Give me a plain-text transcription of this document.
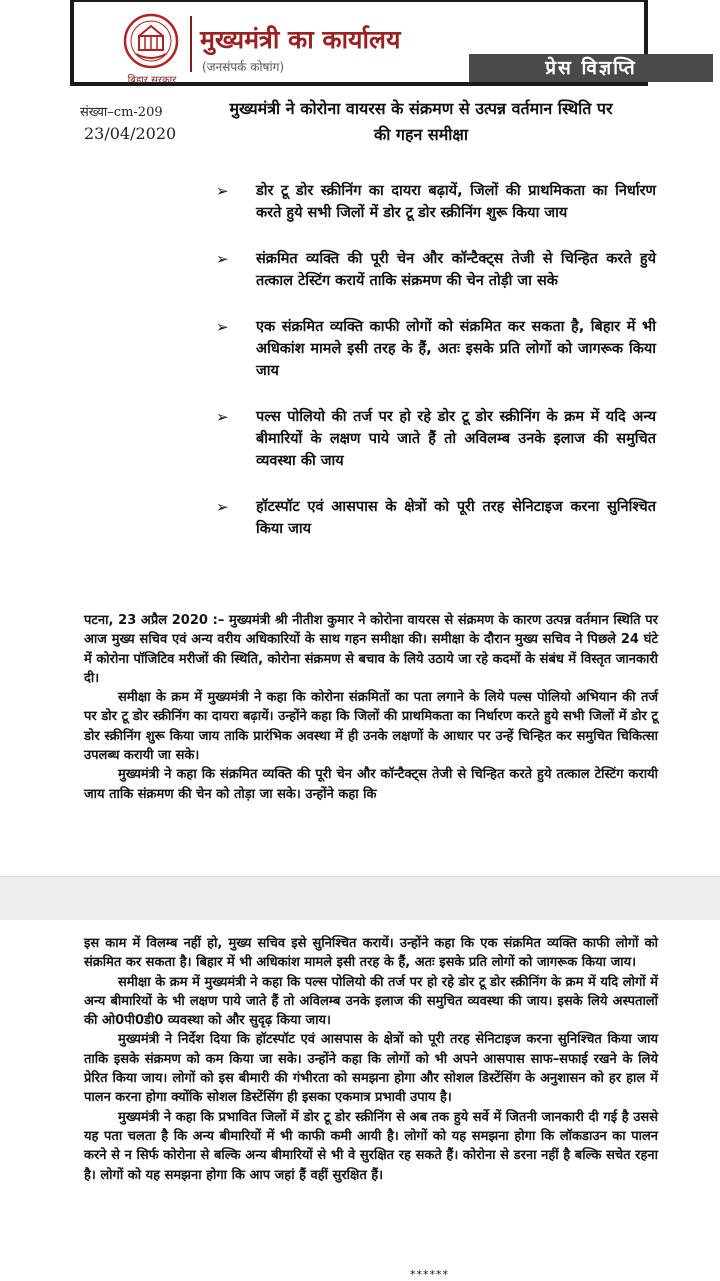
बिहार सरकार
मुख्यमंत्री का कार्यालय
(जनसंपर्क कोषांग)	प्रेस विज्ञप्ति
संख्या–cm-209
23/04/2020
मुख्यमंत्री ने कोरोना वायरस के संक्रमण से उत्पन्न वर्तमान स्थिति पर की गहन समीक्षा
➢ डोर टू डोर स्क्रीनिंग का दायरा बढ़ायें, जिलों की प्राथमिकता का निर्धारण करते हुये सभी जिलों में डोर टू डोर स्क्रीनिंग शुरू किया जाय
➢ संक्रमित व्यक्ति की पूरी चेन और कॉन्टैक्ट्स तेजी से चिन्हित करते हुये तत्काल टेस्टिंग करायें ताकि संक्रमण की चेन तोड़ी जा सके
➢ एक संक्रमित व्यक्ति काफी लोगों को संक्रमित कर सकता है, बिहार में भी अधिकांश मामले इसी तरह के हैं, अतः इसके प्रति लोगों को जागरूक किया जाय
➢ पल्स पोलियो की तर्ज पर हो रहे डोर टू डोर स्क्रीनिंग के क्रम में यदि अन्य बीमारियों के लक्षण पाये जाते हैं तो अविलम्ब उनके इलाज की समुचित व्यवस्था की जाय
➢ हॉटस्पॉट एवं आसपास के क्षेत्रों को पूरी तरह सेनिटाइज करना सुनिश्चित किया जाय

पटना, 23 अप्रैल 2020 :– मुख्यमंत्री श्री नीतीश कुमार ने कोरोना वायरस से संक्रमण के कारण उत्पन्न वर्तमान स्थिति पर आज मुख्य सचिव एवं अन्य वरीय अधिकारियों के साथ गहन समीक्षा की। समीक्षा के दौरान मुख्य सचिव ने पिछले 24 घंटे में कोरोना पॉजिटिव मरीजों की स्थिति, कोरोना संक्रमण से बचाव के लिये उठाये जा रहे कदमों के संबंध में विस्तृत जानकारी दी।

समीक्षा के क्रम में मुख्यमंत्री ने कहा कि कोरोना संक्रमितों का पता लगाने के लिये पल्स पोलियो अभियान की तर्ज पर डोर टू डोर स्क्रीनिंग का दायरा बढ़ायें। उन्होंने कहा कि जिलों की प्राथमिकता का निर्धारण करते हुये सभी जिलों में डोर टू डोर स्क्रीनिंग शुरू किया जाय ताकि प्रारंभिक अवस्था में ही उनके लक्षणों के आधार पर उन्हें चिन्हित कर समुचित चिकित्सा उपलब्ध करायी जा सके।

मुख्यमंत्री ने कहा कि संक्रमित व्यक्ति की पूरी चेन और कॉन्टैक्ट्स तेजी से चिन्हित करते हुये तत्काल टेस्टिंग करायी जाय ताकि संक्रमण की चेन को तोड़ा जा सके। उन्होंने कहा कि

इस काम में विलम्ब नहीं हो, मुख्य सचिव इसे सुनिश्चित करायें। उन्होंने कहा कि एक संक्रमित व्यक्ति काफी लोगों को संक्रमित कर सकता है। बिहार में भी अधिकांश मामले इसी तरह के हैं, अतः इसके प्रति लोगों को जागरूक किया जाय।

समीक्षा के क्रम में मुख्यमंत्री ने कहा कि पल्स पोलियो की तर्ज पर हो रहे डोर टू डोर स्क्रीनिंग के क्रम में यदि लोगों में अन्य बीमारियों के भी लक्षण पाये जाते हैं तो अविलम्ब उनके इलाज की समुचित व्यवस्था की जाय। इसके लिये अस्पतालों की ओ0पी0डी0 व्यवस्था को और सुदृढ़ किया जाय।

मुख्यमंत्री ने निर्देश दिया कि हॉटस्पॉट एवं आसपास के क्षेत्रों को पूरी तरह सेनिटाइज करना सुनिश्चित किया जाय ताकि इसके संक्रमण को कम किया जा सके। उन्होंने कहा कि लोगों को भी अपने आसपास साफ–सफाई रखने के लिये प्रेरित किया जाय। लोगों को इस बीमारी की गंभीरता को समझना होगा और सोशल डिस्टेंसिंग के अनुशासन को हर हाल में पालन करना होगा क्योंकि सोशल डिस्टेंसिंग ही इसका एकमात्र प्रभावी उपाय है।

मुख्यमंत्री ने कहा कि प्रभावित जिलों में डोर टू डोर स्क्रीनिंग से अब तक हुये सर्वे में जितनी जानकारी दी गई है उससे यह पता चलता है कि अन्य बीमारियों में भी काफी कमी आयी है। लोगों को यह समझना होगा कि लॉकडाउन का पालन करने से न सिर्फ कोरोना से बल्कि अन्य बीमारियों से भी वे सुरक्षित रह सकते हैं। कोरोना से डरना नहीं है बल्कि सचेत रहना है। लोगों को यह समझना होगा कि आप जहां हैं वहीं सुरक्षित हैं।

******
